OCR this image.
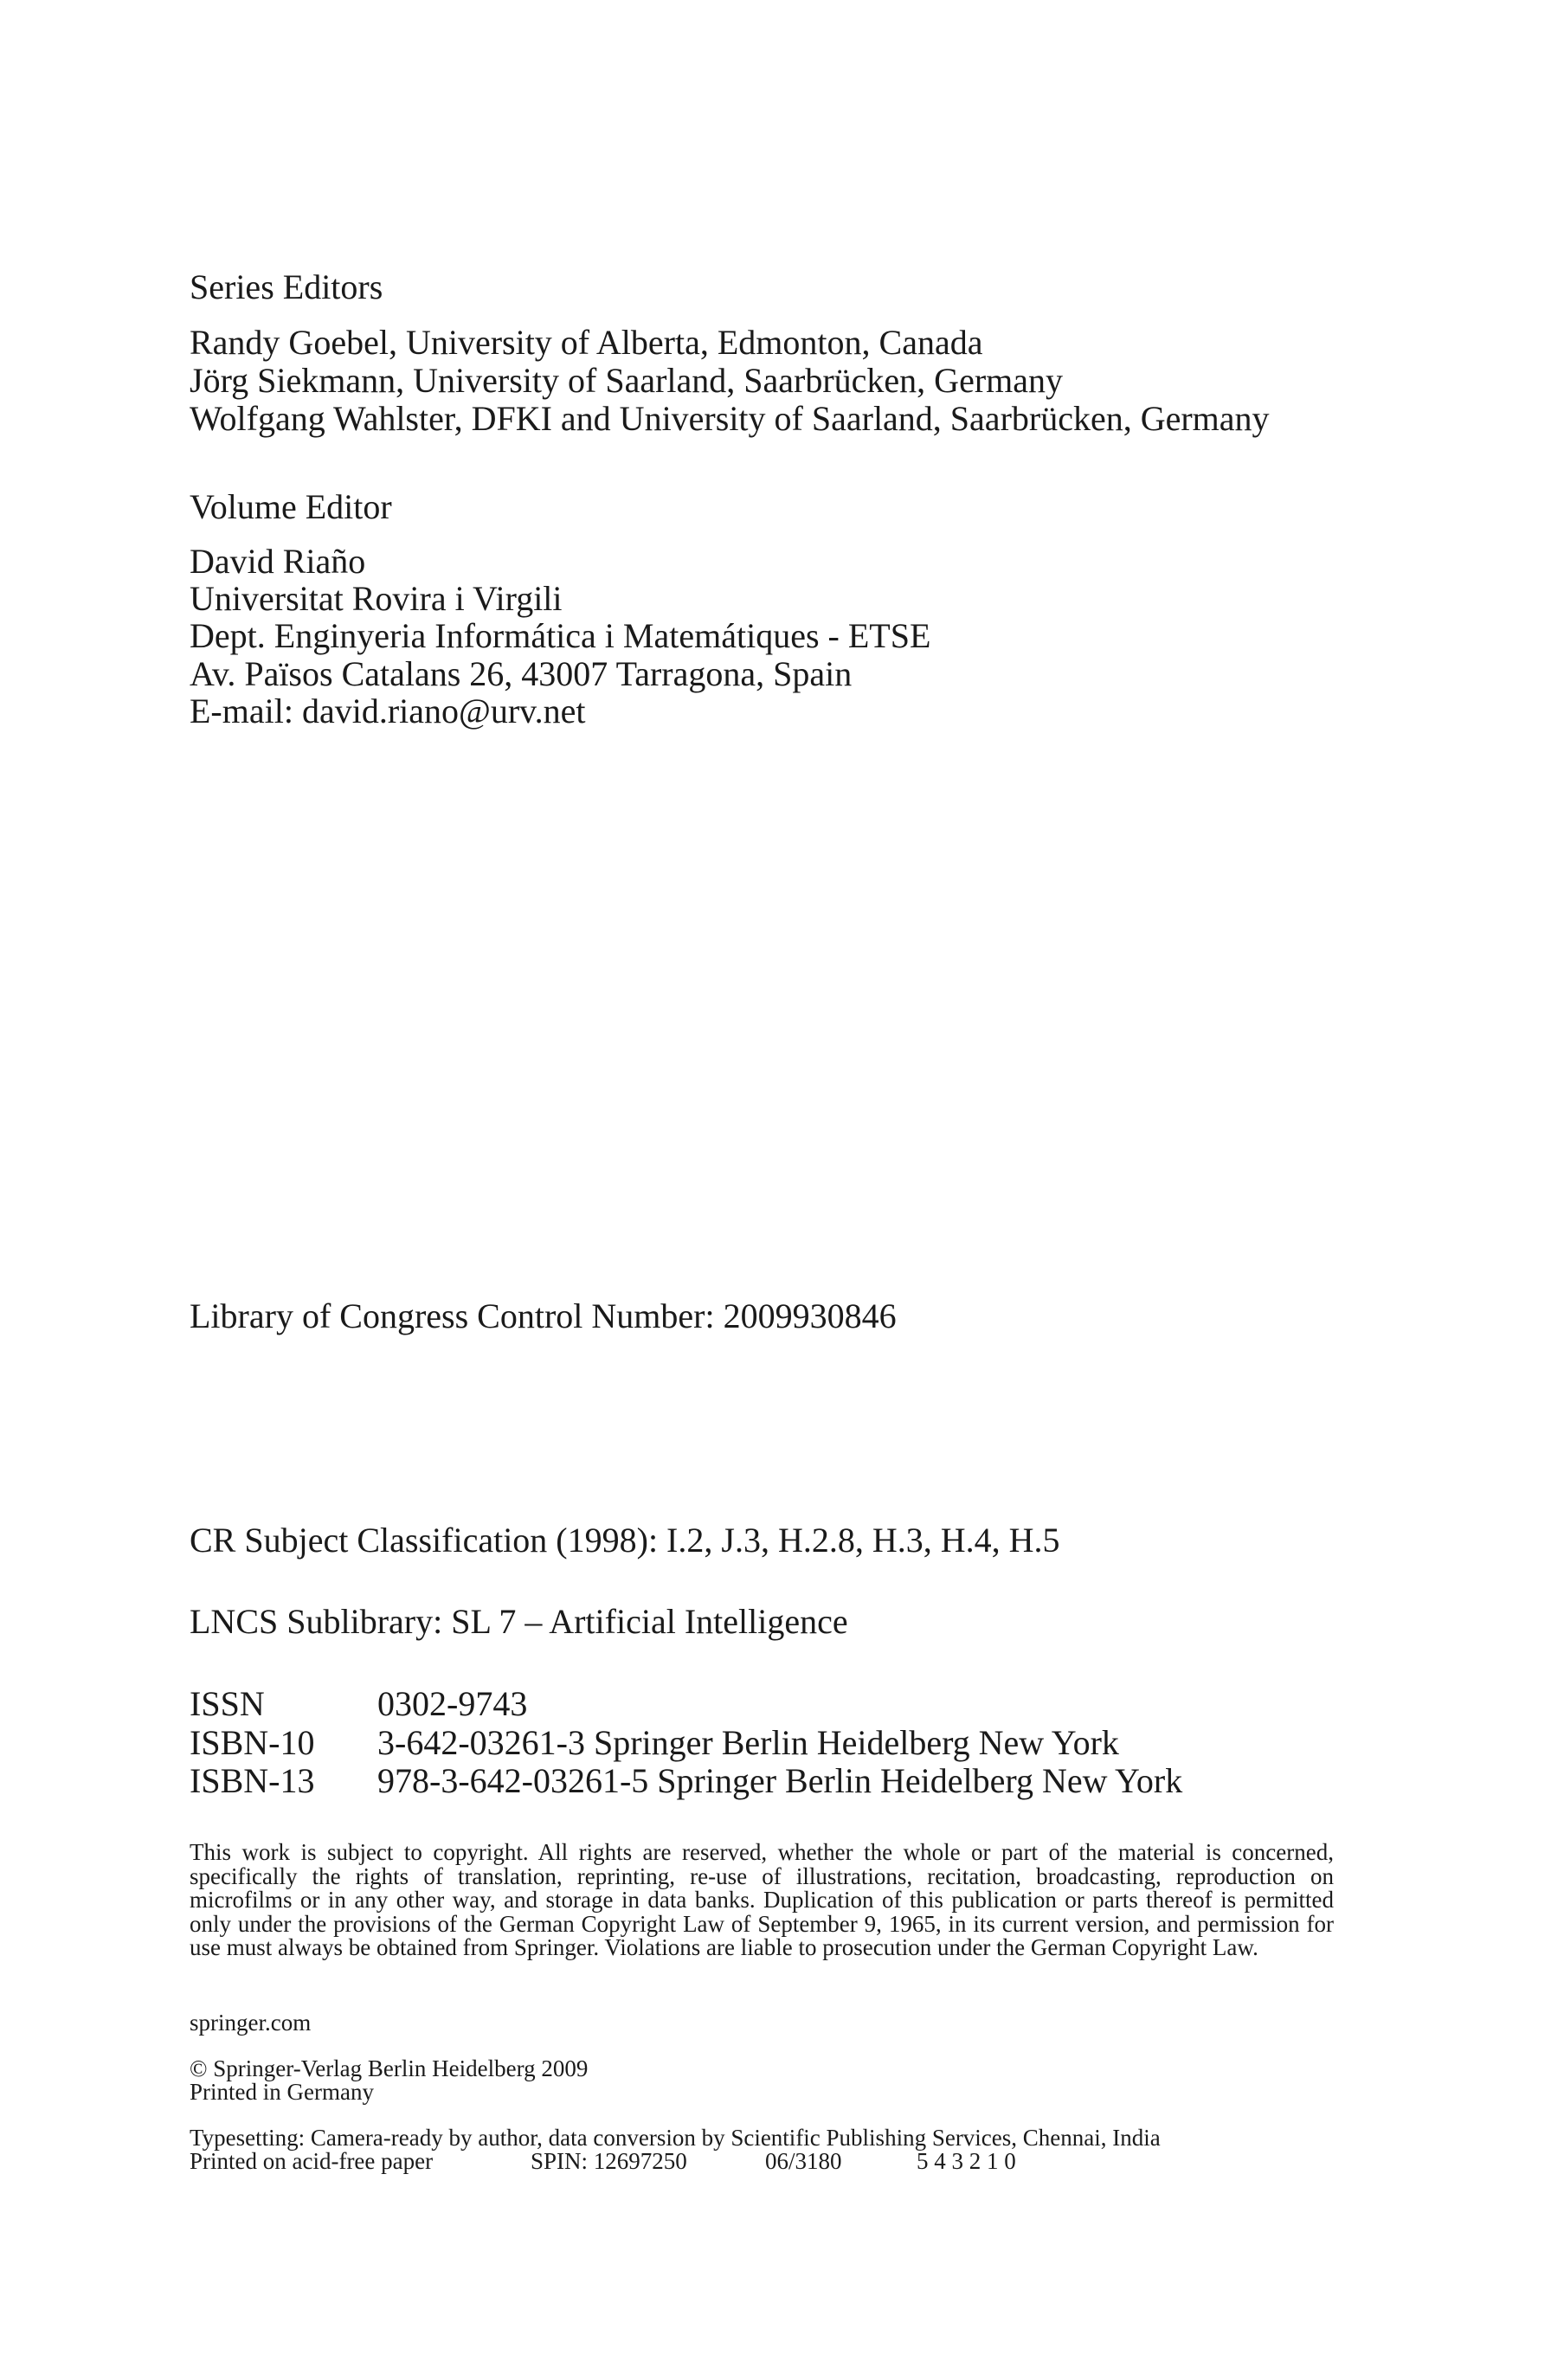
Series Editors
Randy Goebel, University of Alberta, Edmonton, Canada
Jörg Siekmann, University of Saarland, Saarbrücken, Germany
Wolfgang Wahlster, DFKI and University of Saarland, Saarbrücken, Germany
Volume Editor
David Riaño
Universitat Rovira i Virgili
Dept. Enginyeria Informática i Matemátiques - ETSE
Av. Països Catalans 26, 43007 Tarragona, Spain
E-mail: david.riano@urv.net
Library of Congress Control Number: 2009930846
CR Subject Classification (1998): I.2, J.3, H.2.8, H.3, H.4, H.5
LNCS Sublibrary: SL 7 – Artificial Intelligence
ISSN	0302-9743
ISBN-10 3-642-03261-3 Springer Berlin Heidelberg New York
ISBN-13 978-3-642-03261-5 Springer Berlin Heidelberg New York

This work is subject to copyright. All rights are reserved, whether the whole or part of the material is concerned, specifically the rights of translation, reprinting, re-use of illustrations, recitation, broadcasting, reproduction on microfilms or in any other way, and storage in data banks. Duplication of this publication or parts thereof is permitted only under the provisions of the German Copyright Law of September 9, 1965, in its current version, and permission for use must always be obtained from Springer. Violations are liable to prosecution under the German Copyright Law.

springer.com
© Springer-Verlag Berlin Heidelberg 2009
Printed in Germany
Typesetting: Camera-ready by author, data conversion by Scientific Publishing Services, Chennai, India
Printed on acid-free paper	SPIN: 12697250	06/3180	5 4 3 2 1 0
